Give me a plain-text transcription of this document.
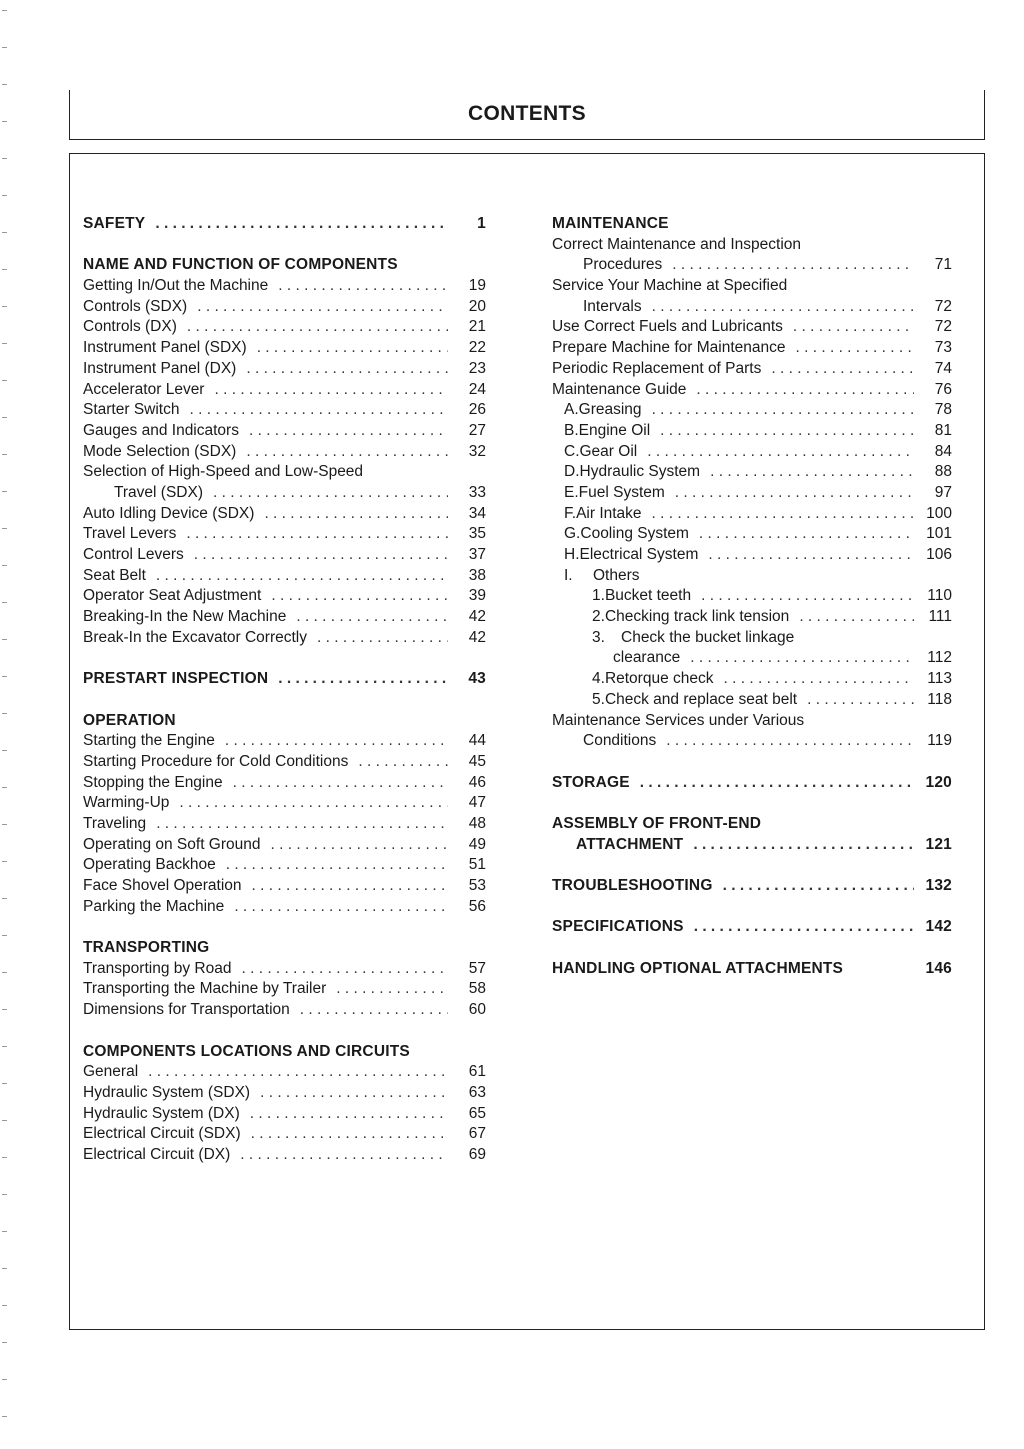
CONTENTS
SAFETY . . .	1
NAME AND FUNCTION OF COMPONENTS
Getting In/Out the Machine . . .	19
Controls (SDX) . . .	20
Controls (DX) . . .	21
Instrument Panel (SDX) . . .	22
Instrument Panel (DX) . . .	23
Accelerator Lever . . .	24
Starter Switch . . .	26
Gauges and Indicators . . .	27
Mode Selection (SDX) . . .	32
Selection of High-Speed and Low-Speed
Travel (SDX) . . .	33
Auto Idling Device (SDX) . . .	34
Travel Levers . . .	35
Control Levers . . .	37
Seat Belt . . .	38
Operator Seat Adjustment . . .	39
Breaking-In the New Machine . . .	42
Break-In the Excavator Correctly . . .	42
PRESTART INSPECTION . . .	43
OPERATION
Starting the Engine . . .	44
Starting Procedure for Cold Conditions . . .	45
Stopping the Engine . . .	46
Warming-Up . . .	47
Traveling . . .	48
Operating on Soft Ground . . .	49
Operating Backhoe . . .	51
Face Shovel Operation . . .	53
Parking the Machine . . .	56
TRANSPORTING
Transporting by Road . . .	57
Transporting the Machine by Trailer . . .	58
Dimensions for Transportation . . .	60
COMPONENTS LOCATIONS AND CIRCUITS
General . . .	61
Hydraulic System (SDX) . . .	63
Hydraulic System (DX) . . .	65
Electrical Circuit (SDX) . . .	67
Electrical Circuit (DX) . . .	69
MAINTENANCE
Correct Maintenance and Inspection
Procedures . . .	71
Service Your Machine at Specified
Intervals . . .	72
Use Correct Fuels and Lubricants . . .	72
Prepare Machine for Maintenance . . .	73
Periodic Replacement of Parts . . .	74
Maintenance Guide . . .	76
A. Greasing . . .	78
B. Engine Oil . . .	81
C. Gear Oil . . .	84
D. Hydraulic System . . .	88
E. Fuel System . . .	97
F. Air Intake . . .	100
G. Cooling System . . .	101
H. Electrical System . . .	106
I.	Others
1. Bucket teeth . . .	110
2. Checking track link tension . . .	111
3.	Check the bucket linkage
clearance . . .	112
4. Retorque check . . .	113
5. Check and replace seat belt . . .	118
Maintenance Services under Various
Conditions . . .	119
STORAGE . . .	120
ASSEMBLY OF FRONT-END
ATTACHMENT . . .	121
TROUBLESHOOTING . . .	132
SPECIFICATIONS . . .	142
HANDLING OPTIONAL ATTACHMENTS	146
